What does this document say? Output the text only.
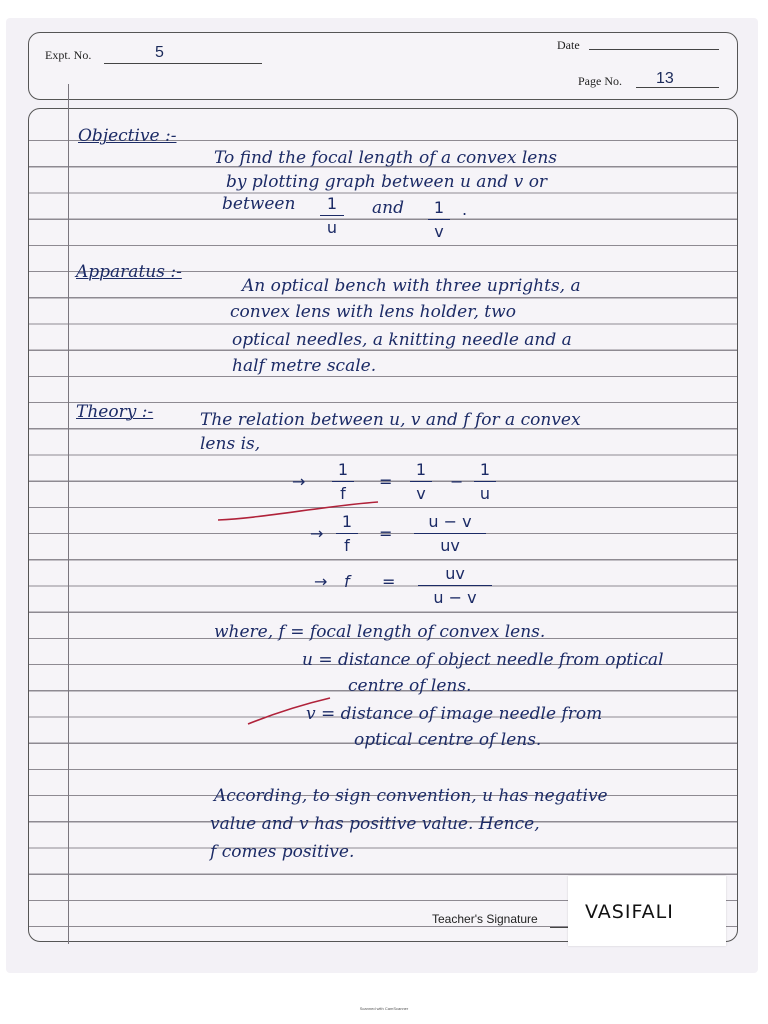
Expt. No.	5	Date
Page No. 13

Objective :-

To find the focal length of a convex lens

by plotting graph between u and v or

between	1
u

and	1
v
.

Apparatus :-

An optical bench with three uprights, a

convex lens with lens holder, two

optical needles, a knitting needle and a

half metre scale.

Theory :-	The relation between u, v and f for a convex

lens is,

→
1
f
=
1
v
−
1
u
→
1
f
=
u − v
uv
→ f =	uv
u − v

where, f = focal length of convex lens.

u = distance of object needle from optical

centre of lens.

v = distance of image needle from

optical centre of lens.

According, to sign convention, u has negative

value and v has positive value. Hence,

f comes positive.

Teacher's Signature VASIFALI
Scanned with CamScanner
